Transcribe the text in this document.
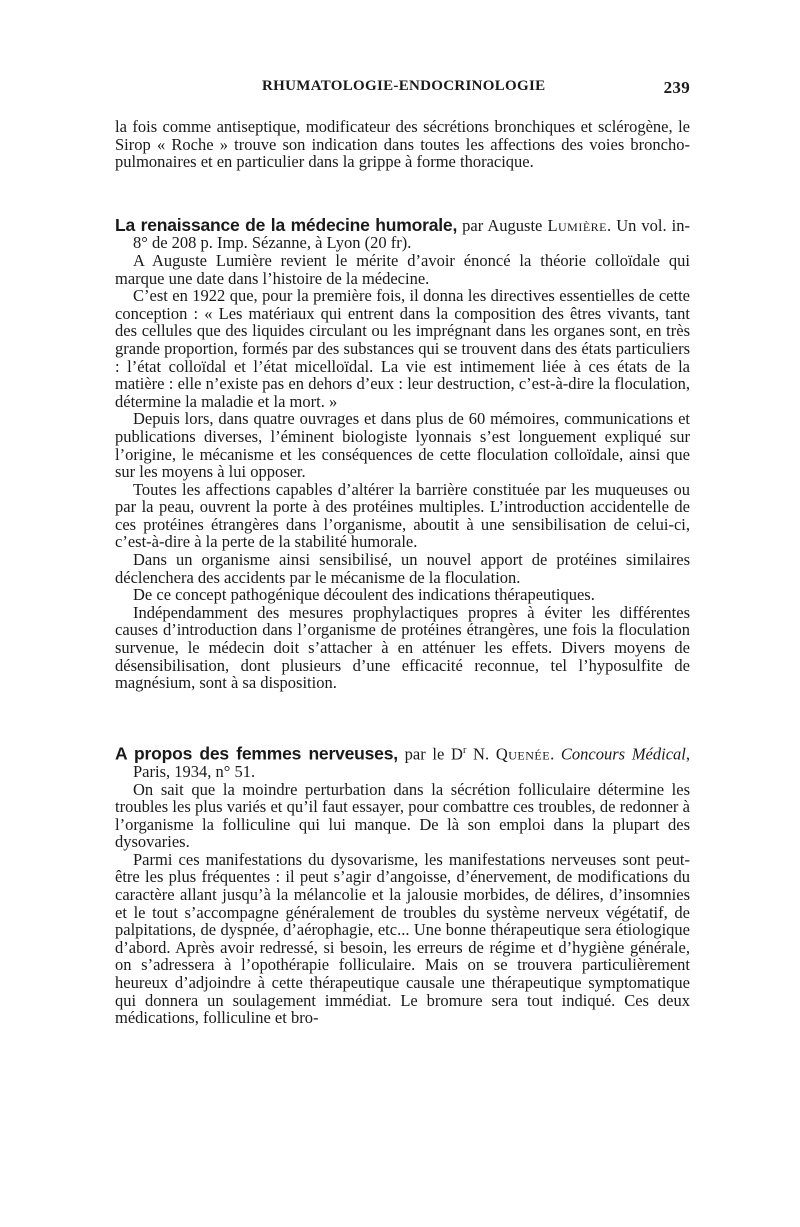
RHUMATOLOGIE-ENDOCRINOLOGIE	239

la fois comme antiseptique, modificateur des sécrétions bronchiques et sclérogène, le Sirop « Roche » trouve son indication dans toutes les affections des voies broncho-pulmonaires et en particulier dans la grippe à forme thoracique.

La renaissance de la médecine humorale, par Auguste Lumière. Un vol. in-8° de 208 p. Imp. Sézanne, à Lyon (20 fr).

A Auguste Lumière revient le mérite d’avoir énoncé la théorie colloïdale qui marque une date dans l’histoire de la médecine.

C’est en 1922 que, pour la première fois, il donna les directives essentielles de cette conception : « Les matériaux qui entrent dans la composition des êtres vivants, tant des cellules que des liquides circulant ou les imprégnant dans les organes sont, en très grande proportion, formés par des substances qui se trouvent dans des états particuliers : l’état colloïdal et l’état micelloïdal. La vie est intimement liée à ces états de la matière : elle n’existe pas en dehors d’eux : leur destruction, c’est-à-dire la floculation, détermine la maladie et la mort. »

Depuis lors, dans quatre ouvrages et dans plus de 60 mémoires, communications et publications diverses, l’éminent biologiste lyonnais s’est longuement expliqué sur l’origine, le mécanisme et les conséquences de cette floculation colloïdale, ainsi que sur les moyens à lui opposer.

Toutes les affections capables d’altérer la barrière constituée par les muqueuses ou par la peau, ouvrent la porte à des protéines multiples. L’introduction accidentelle de ces protéines étrangères dans l’organisme, aboutit à une sensibilisation de celui-ci, c’est-à-dire à la perte de la stabilité humorale.

Dans un organisme ainsi sensibilisé, un nouvel apport de protéines similaires déclenchera des accidents par le mécanisme de la floculation.

De ce concept pathogénique découlent des indications thérapeutiques.

Indépendamment des mesures prophylactiques propres à éviter les différentes causes d’introduction dans l’organisme de protéines étrangères, une fois la floculation survenue, le médecin doit s’attacher à en atténuer les effets. Divers moyens de désensibilisation, dont plusieurs d’une efficacité reconnue, tel l’hyposulfite de magnésium, sont à sa disposition.

A propos des femmes nerveuses, par le $D^r$ N. Quenée. Concours Médical, Paris, 1934, n° 51.

On sait que la moindre perturbation dans la sécrétion folliculaire détermine les troubles les plus variés et qu’il faut essayer, pour combattre ces troubles, de redonner à l’organisme la folliculine qui lui manque. De là son emploi dans la plupart des dysovaries.

Parmi ces manifestations du dysovarisme, les manifestations nerveuses sont peut-être les plus fréquentes : il peut s’agir d’angoisse, d’énervement, de modifications du caractère allant jusqu’à la mélancolie et la jalousie morbides, de délires, d’insomnies et le tout s’accompagne généralement de troubles du système nerveux végétatif, de palpitations, de dyspnée, d’aérophagie, etc... Une bonne thérapeutique sera étiologique d’abord. Après avoir redressé, si besoin, les erreurs de régime et d’hygiène générale, on s’adressera à l’opothérapie folliculaire. Mais on se trouvera particulièrement heureux d’adjoindre à cette thérapeutique causale une thérapeutique symptomatique qui donnera un soulagement immédiat. Le bromure sera tout indiqué. Ces deux médications, folliculine et bro-
